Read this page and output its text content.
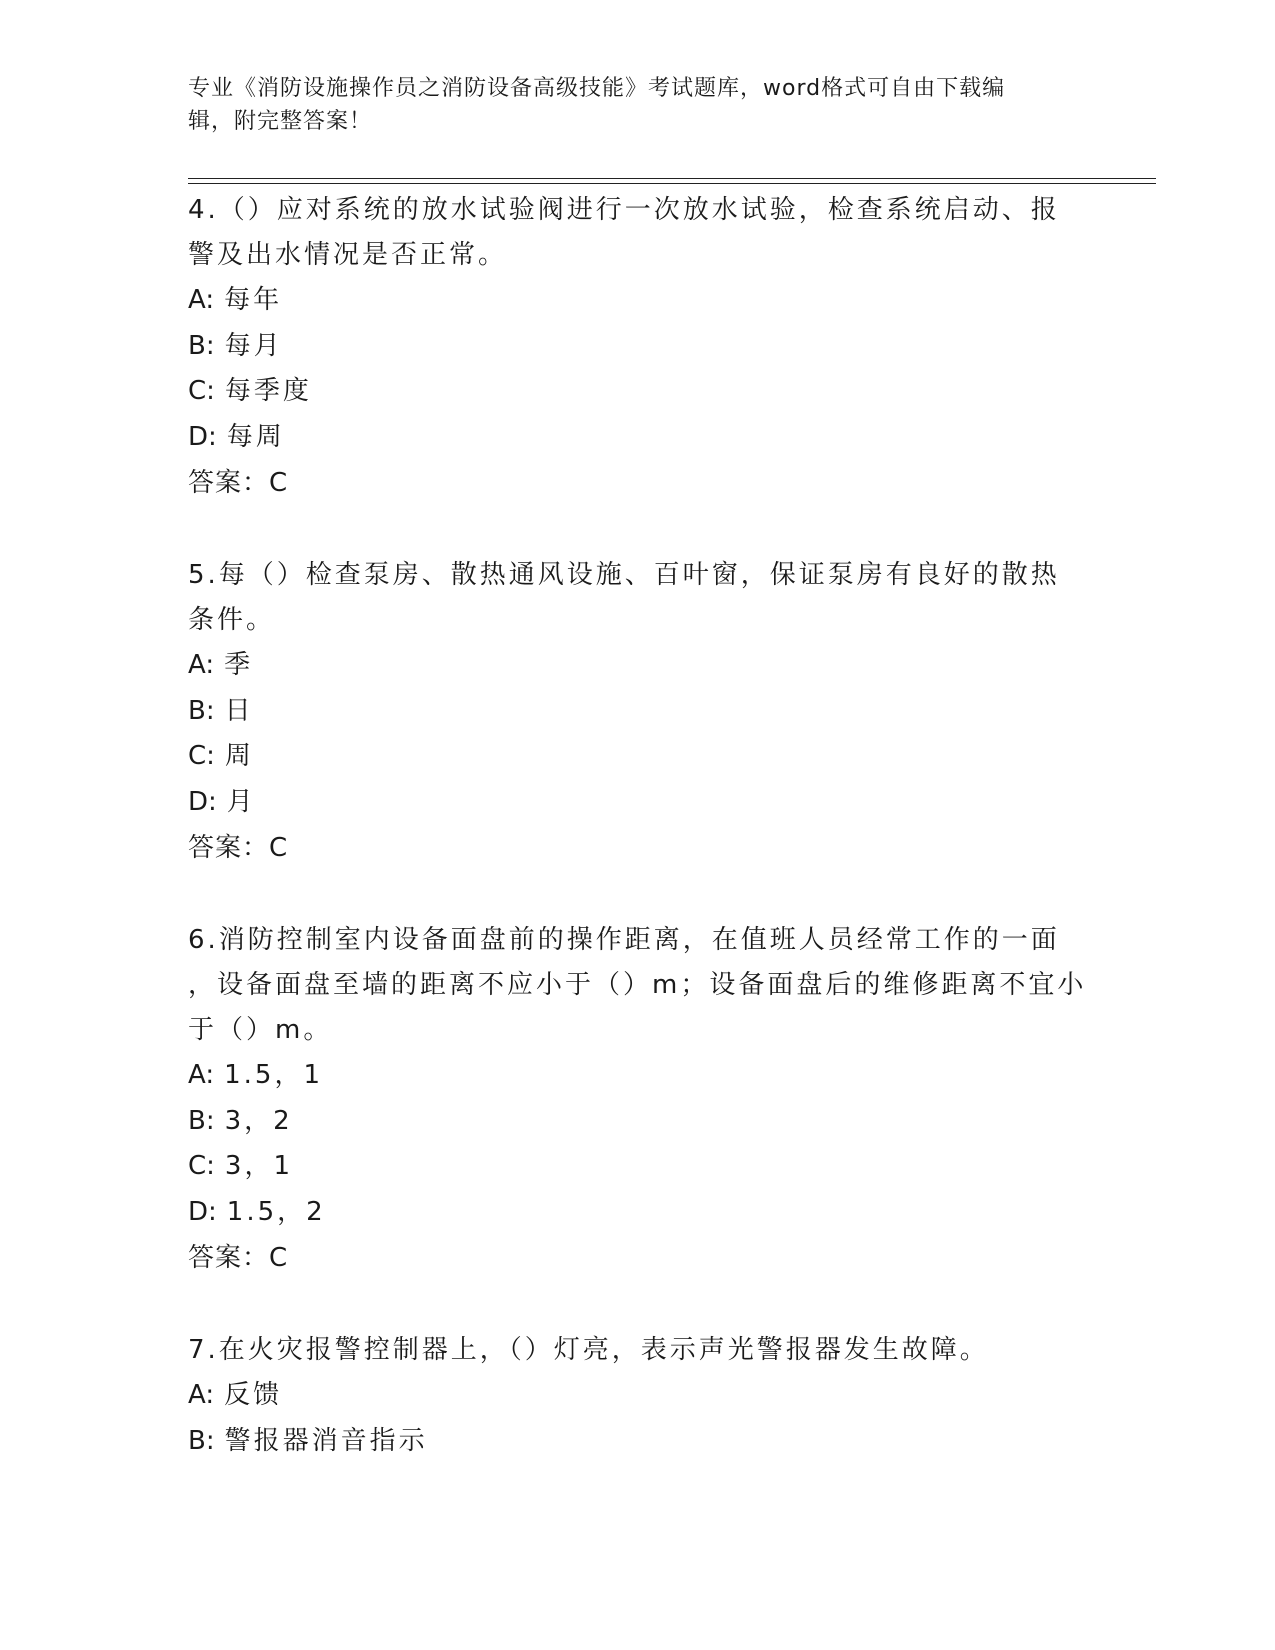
专业《消防设施操作员之消防设备高级技能》考试题库，word格式可自由下载编
辑，附完整答案！

4.（）应对系统的放水试验阀进行一次放水试验，检查系统启动、报

警及出水情况是否正常。

A: 每年

B: 每月

C: 每季度

D: 每周

答案：C

5.每（）检查泵房、散热通风设施、百叶窗，保证泵房有良好的散热

条件。

A: 季

B: 日

C: 周

D: 月

答案：C

6.消防控制室内设备面盘前的操作距离，在值班人员经常工作的一面

，设备面盘至墙的距离不应小于（）m；设备面盘后的维修距离不宜小

于（）m。

A: 1.5，1

B: 3，2

C: 3，1

D: 1.5，2

答案：C

7.在火灾报警控制器上，（）灯亮，表示声光警报器发生故障。

A: 反馈

B: 警报器消音指示
